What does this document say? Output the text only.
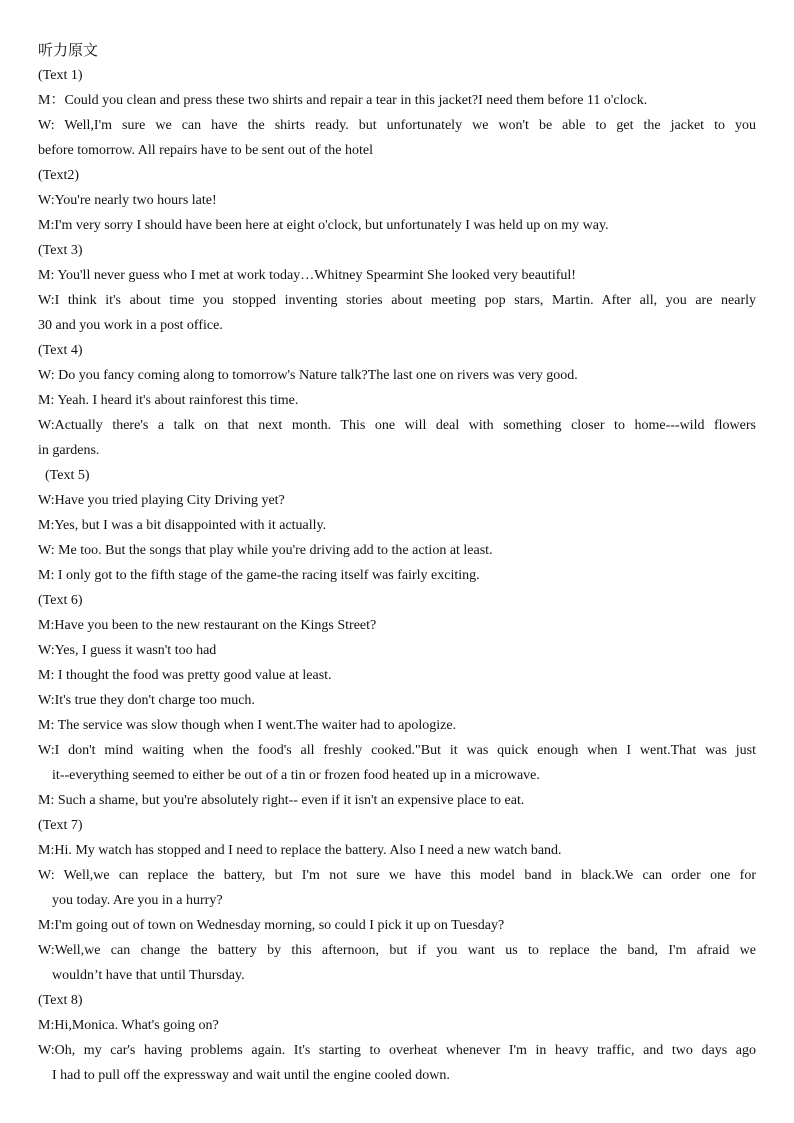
听力原文
(Text 1)
M：Could you clean and press these two shirts and repair a tear in this jacket?I need them before 11 o'clock.
W: Well,I'm sure we can have the shirts ready. but unfortunately we won't be able to get the jacket to you
before tomorrow. All repairs have to be sent out of the hotel
(Text2)
W:You're nearly two hours late!
M:I'm very sorry I should have been here at eight o'clock, but unfortunately I was held up on my way.
(Text 3)
M: You'll never guess who I met at work today…Whitney Spearmint She looked very beautiful!
W:I think it's about time you stopped inventing stories about meeting pop stars, Martin. After all, you are nearly
30 and you work in a post office.
(Text 4)
W: Do you fancy coming along to tomorrow's Nature talk?The last one on rivers was very good.
M: Yeah. I heard it's about rainforest this time.
W:Actually there's a talk on that next month. This one will deal with something closer to home---wild flowers
in gardens.
(Text 5)
W:Have you tried playing City Driving yet?
M:Yes, but I was a bit disappointed with it actually.
W: Me too. But the songs that play while you're driving add to the action at least.
M: I only got to the fifth stage of the game-the racing itself was fairly exciting.
(Text 6)
M:Have you been to the new restaurant on the Kings Street?
W:Yes, I guess it wasn't too had
M: I thought the food was pretty good value at least.
W:It's true they don't charge too much.
M: The service was slow though when I went.The waiter had to apologize.
W:I don't mind waiting when the food's all freshly cooked."But it was quick enough when I went.That was just
it--everything seemed to either be out of a tin or frozen food heated up in a microwave.
M: Such a shame, but you're absolutely right-- even if it isn't an expensive place to eat.
(Text 7)
M:Hi. My watch has stopped and I need to replace the battery. Also I need a new watch band.
W: Well,we can replace the battery, but I'm not sure we have this model band in black.We can order one for
you today. Are you in a hurry?
M:I'm going out of town on Wednesday morning, so could I pick it up on Tuesday?
W:Well,we can change the battery by this afternoon, but if you want us to replace the band, I'm afraid we
wouldn’t have that until Thursday.
(Text 8)
M:Hi,Monica. What's going on?
W:Oh, my car's having problems again. It's starting to overheat whenever I'm in heavy traffic, and two days ago
I had to pull off the expressway and wait until the engine cooled down.
